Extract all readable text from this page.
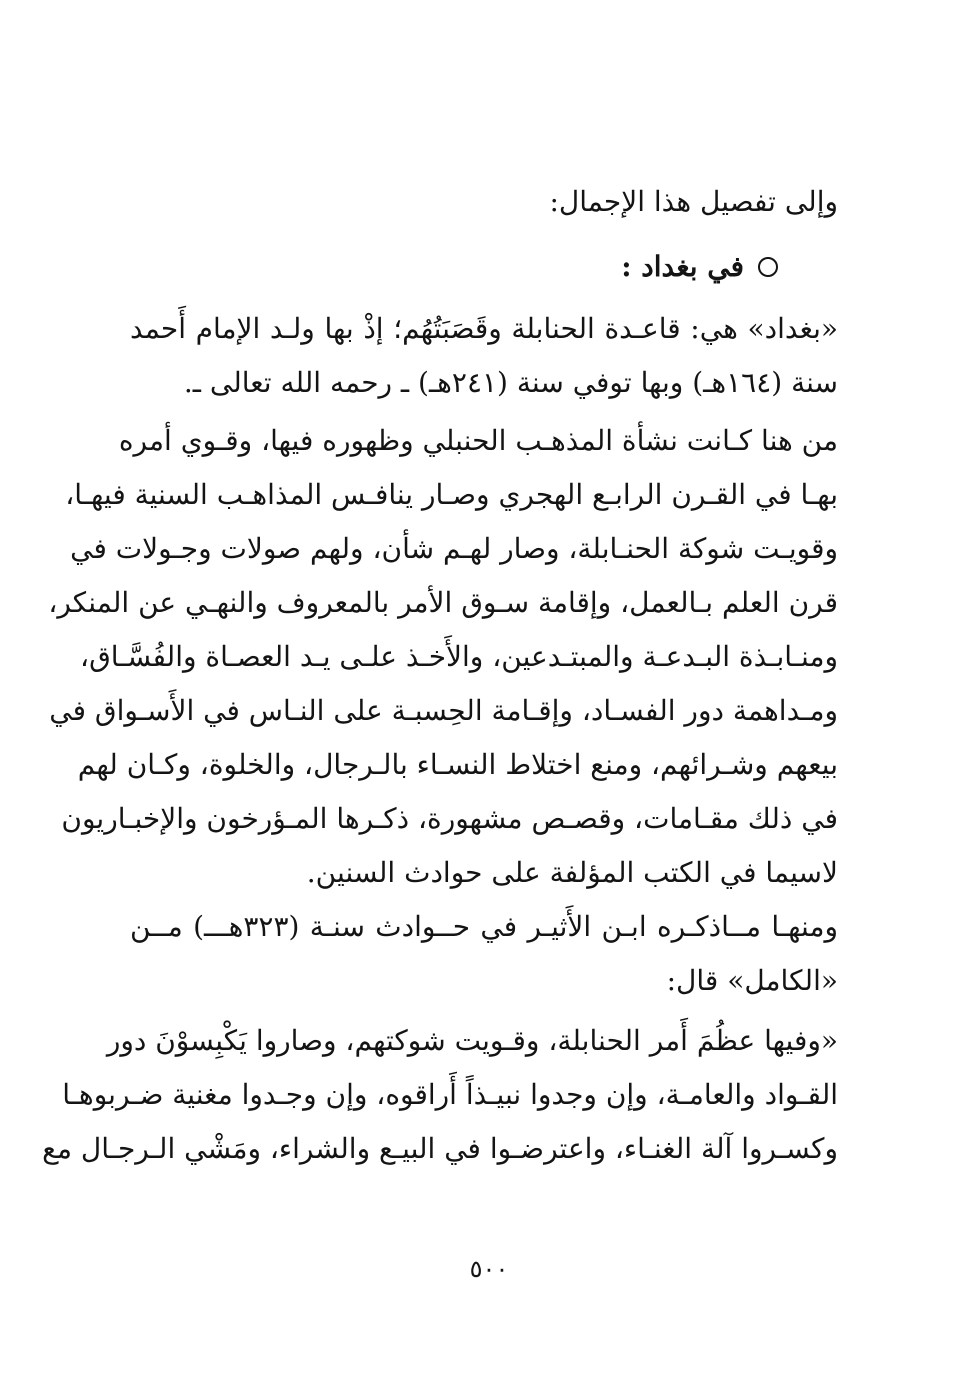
وإلى تفصيل هذا الإجمال:
في بغداد :
«بغداد» هي: قاعـدة الحنابلة وقَصَبَتُهُم؛ إذْ بها ولـد الإمام أَحمد
سنة (١٦٤هـ) وبها توفي سنة (٢٤١هـ) ـ رحمه الله تعالى ـ.
من هنا كـانت نشأة المذهـب الحنبلي وظهوره فيها، وقـوي أمره
بهـا في القـرن الرابـع الهجري وصـار ينافـس المذاهـب السنية فيهـا،
وقويـت شوكة الحنـابلة، وصار لهـم شأن، ولهم صولات وجـولات في
قرن العلم بـالعمل، وإقامة سـوق الأمر بالمعروف والنهـي عن المنكر،
ومنـابـذة البـدعـة والمبتـدعين، والأَخـذ علـى يـد العصـاة والفُسَّـاق،
ومـداهمة دور الفسـاد، وإقـامة الحِسبـة على النـاس في الأَسـواق في
بيعهم وشـرائهم، ومنع اختلاط النسـاء بالـرجال، والخلوة، وكـان لهم
في ذلك مقـامات، وقصـص مشهورة، ذكـرها المـؤرخون والإخبـاريون
لاسيما في الكتب المؤلفة على حوادث السنين.
ومنهـا مــاذكـره ابـن الأَثيـر في حــوادث سنـة (٣٢٣هـــ) مــن
«الكامل» قال:
«وفيها عظُمَ أَمر الحنابلة، وقـويت شوكتهم، وصاروا يَكْبِسوْنَ دور
القـواد والعامـة، وإن وجدوا نبيـذاً أَراقوه، وإن وجـدوا مغنية ضـربوهـا
وكسـروا آلة الغنـاء، واعترضـوا في البيـع والشراء، ومَشْي الـرجـال مع
٥٠٠
